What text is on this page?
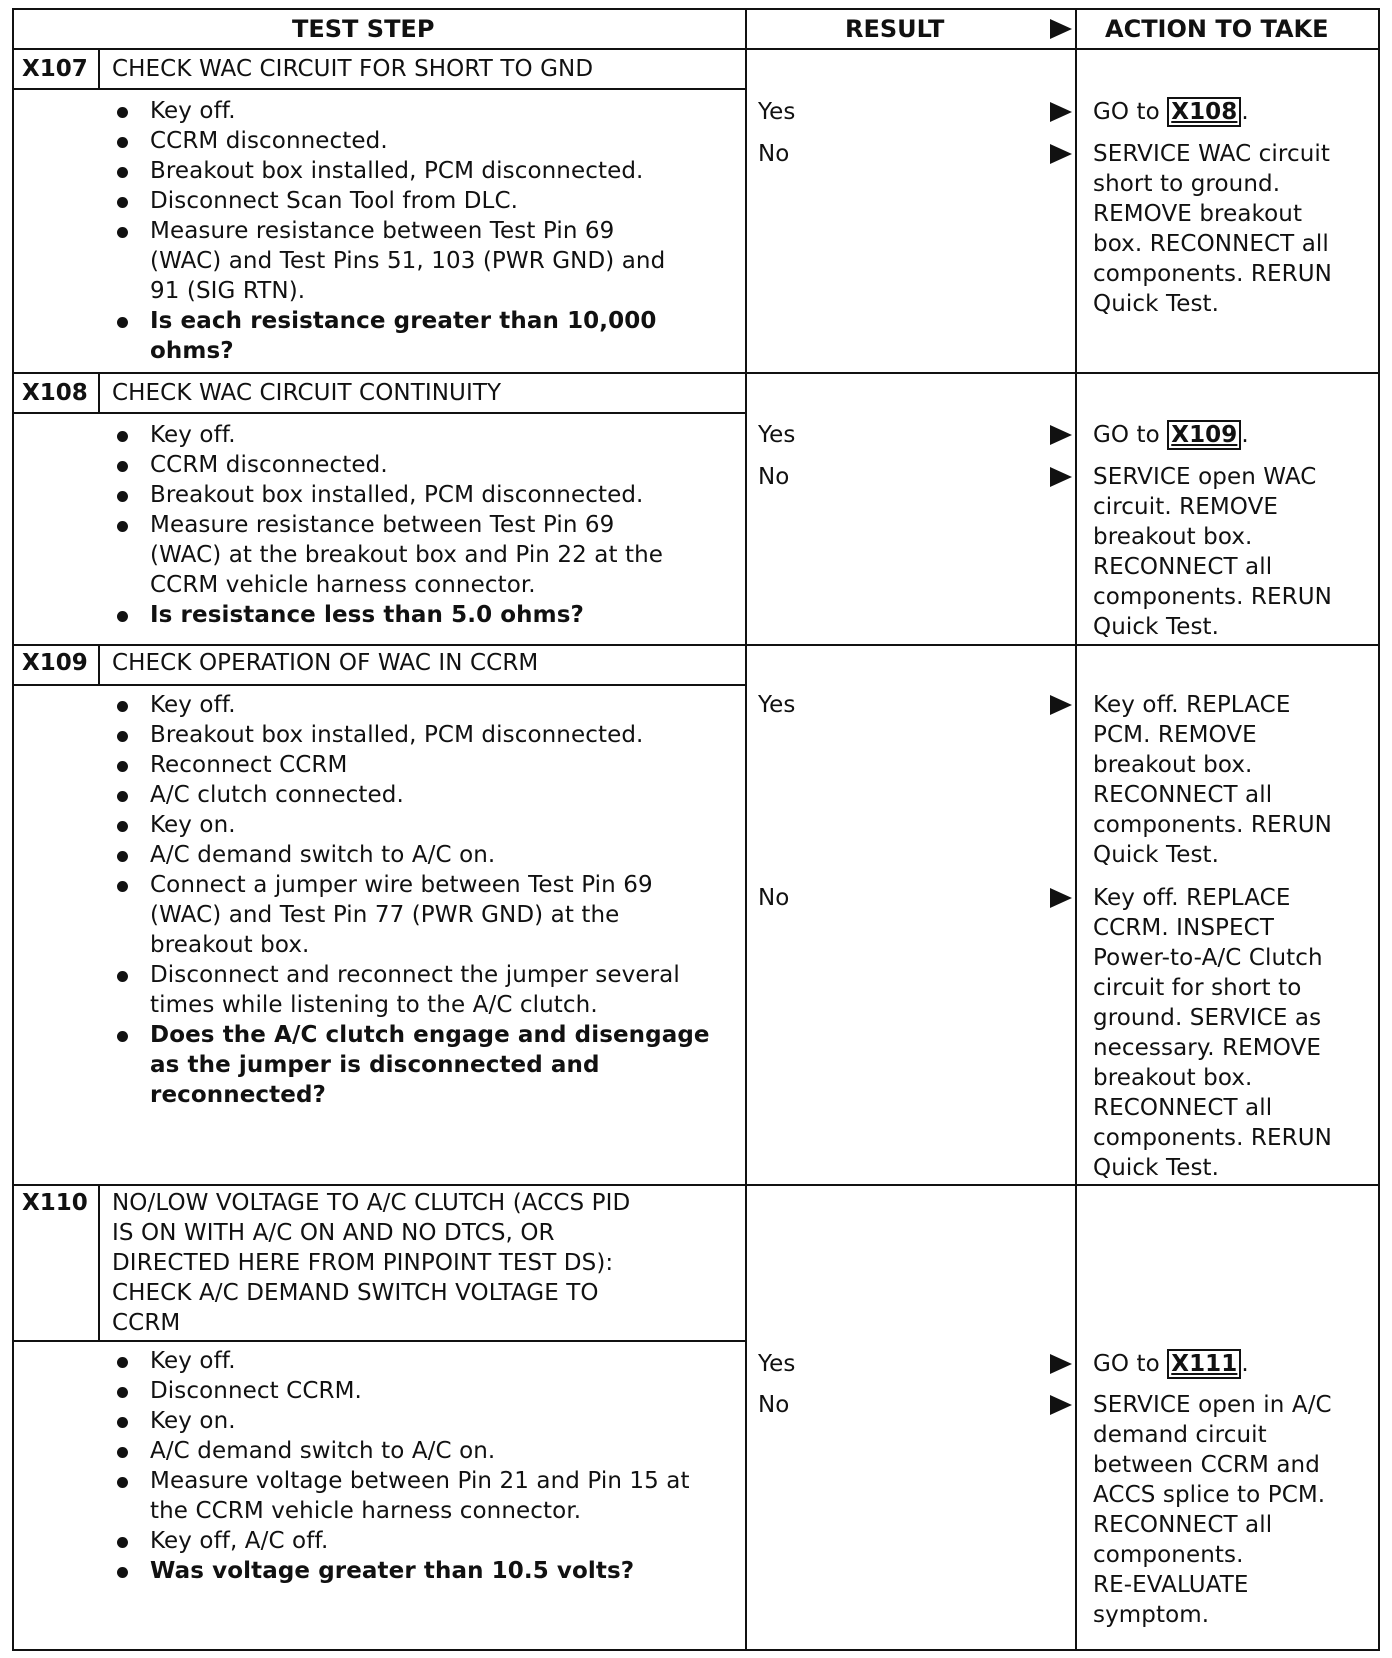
TEST STEP	RESULT	ACTION TO TAKE
X107 CHECK WAC CIRCUIT FOR SHORT TO GND
Key off.
CCRM disconnected.
Breakout box installed, PCM disconnected.
Disconnect Scan Tool from DLC.
Measure resistance between Test Pin 69
(WAC) and Test Pins 51, 103 (PWR GND) and
91 (SIG RTN).
Is each resistance greater than 10,000
ohms?
Yes	GO to X108 .
No	SERVICE WAC circuit
short to ground.
REMOVE breakout
box. RECONNECT all
components. RERUN
Quick Test.
X108 CHECK WAC CIRCUIT CONTINUITY
Key off.
CCRM disconnected.
Breakout box installed, PCM disconnected.
Measure resistance between Test Pin 69
(WAC) at the breakout box and Pin 22 at the
CCRM vehicle harness connector.
Is resistance less than 5.0 ohms?
Yes	GO to X109 .
No	SERVICE open WAC
circuit. REMOVE
breakout box.
RECONNECT all
components. RERUN
Quick Test.
X109 CHECK OPERATION OF WAC IN CCRM
Key off.
Breakout box installed, PCM disconnected.
Reconnect CCRM
A/C clutch connected.
Key on.
A/C demand switch to A/C on.
Connect a jumper wire between Test Pin 69
(WAC) and Test Pin 77 (PWR GND) at the
breakout box.
Disconnect and reconnect the jumper several
times while listening to the A/C clutch.
Does the A/C clutch engage and disengage
as the jumper is disconnected and
reconnected?
Yes	Key off. REPLACE
PCM. REMOVE
breakout box.
RECONNECT all
components. RERUN
Quick Test.
No	Key off. REPLACE
CCRM. INSPECT
Power-to-A/C Clutch
circuit for short to
ground. SERVICE as
necessary. REMOVE
breakout box.
RECONNECT all
components. RERUN
Quick Test.
X110 NO/LOW VOLTAGE TO A/C CLUTCH (ACCS PID
IS ON WITH A/C ON AND NO DTCS, OR
DIRECTED HERE FROM PINPOINT TEST DS):
CHECK A/C DEMAND SWITCH VOLTAGE TO
CCRM
Key off.
Disconnect CCRM.
Key on.
A/C demand switch to A/C on.
Measure voltage between Pin 21 and Pin 15 at
the CCRM vehicle harness connector.
Key off, A/C off.
Was voltage greater than 10.5 volts?
Yes	GO to X111 .
No	SERVICE open in A/C
demand circuit
between CCRM and
ACCS splice to PCM.
RECONNECT all
components.
RE-EVALUATE
symptom.
